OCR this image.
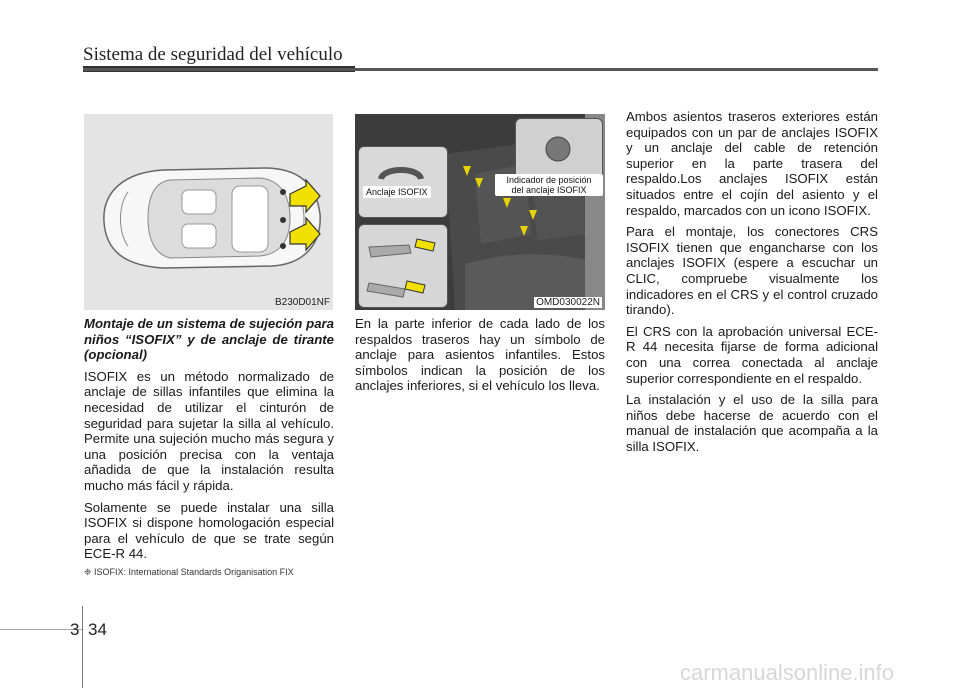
Sistema de seguridad del vehículo
B230D01NF
Anclaje ISOFIX
Indicador de posición
del anclaje ISOFIX
OMD030022N
Montaje de un sistema de sujeción para niños “ISOFIX” y de anclaje de tirante (opcional)

ISOFIX es un método normalizado de anclaje de sillas infantiles que elimina la necesidad de utilizar el cinturón de seguridad para sujetar la silla al vehículo. Permite una sujeción mucho más segura y una posición precisa con la ventaja añadida de que la instalación resulta mucho más fácil y rápida.

Solamente se puede instalar una silla ISOFIX si dispone homologación especial para el vehículo de que se trate según ECE-R 44.

❈ ISOFIX: International Standards Origanisation FIX

En la parte inferior de cada lado de los respaldos traseros hay un símbolo de anclaje para asientos infantiles. Estos símbolos indican la posición de los anclajes inferiores, si el vehículo los lleva.

Ambos asientos traseros exteriores están equipados con un par de anclajes ISOFIX y un anclaje del cable de retención superior en la parte trasera del respaldo.Los anclajes ISOFIX están situados entre el cojín del asiento y el respaldo, marcados con un icono ISOFIX.

Para el montaje, los conectores CRS ISOFIX tienen que engancharse con los anclajes ISOFIX (espere a escuchar un CLIC, compruebe visualmente los indicadores en el CRS y el control cruzado tirando).

El CRS con la aprobación universal ECE-R 44 necesita fijarse de forma adicional con una correa conectada al anclaje superior correspondiente en el respaldo.

La instalación y el uso de la silla para niños debe hacerse de acuerdo con el manual de instalación que acompaña a la silla ISOFIX.

3 34
carmanualsonline.info
